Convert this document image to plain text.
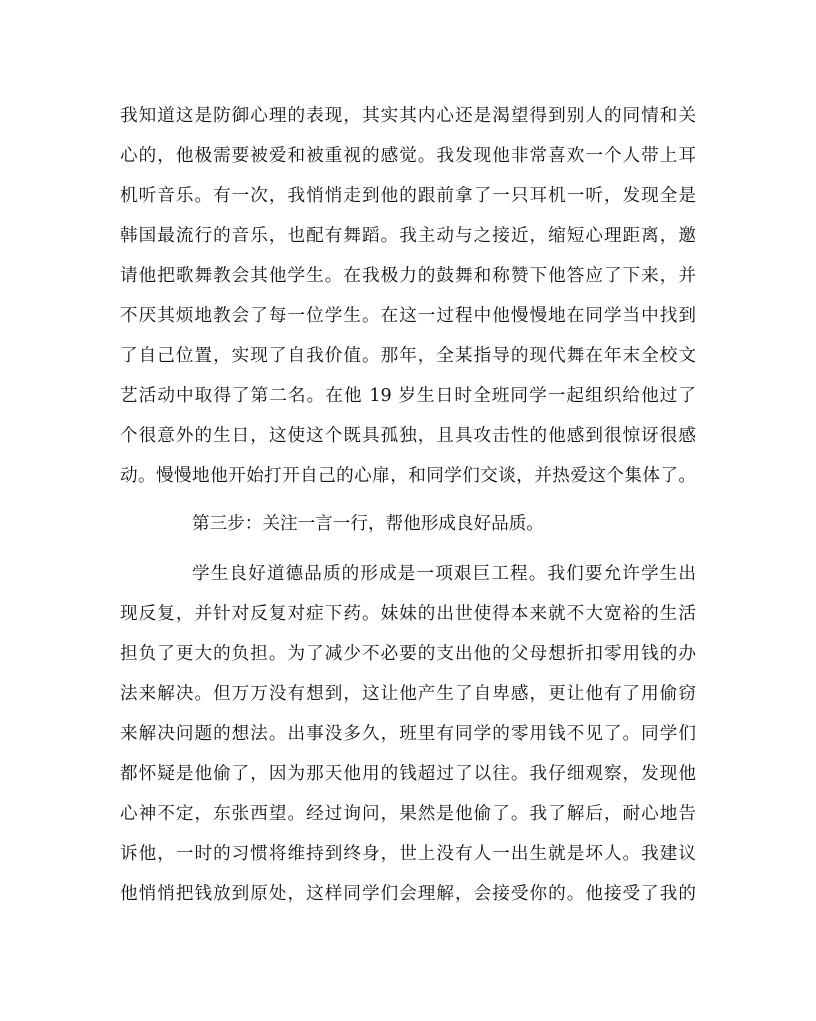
我知道这是防御心理的表现，其实其内心还是渴望得到别人的同情和关
心的，他极需要被爱和被重视的感觉。我发现他非常喜欢一个人带上耳
机听音乐。有一次，我悄悄走到他的跟前拿了一只耳机一听，发现全是
韩国最流行的音乐，也配有舞蹈。我主动与之接近，缩短心理距离，邀
请他把歌舞教会其他学生。在我极力的鼓舞和称赞下他答应了下来，并
不厌其烦地教会了每一位学生。在这一过程中他慢慢地在同学当中找到
了自己位置，实现了自我价值。那年，全某指导的现代舞在年末全校文
艺活动中取得了第二名。在他 19 岁生日时全班同学一起组织给他过了
个很意外的生日，这使这个既具孤独，且具攻击性的他感到很惊讶很感
动。慢慢地他开始打开自己的心扉，和同学们交谈，并热爱这个集体了。
第三步：关注一言一行，帮他形成良好品质。
学生良好道德品质的形成是一项艰巨工程。我们要允许学生出
现反复，并针对反复对症下药。妹妹的出世使得本来就不大宽裕的生活
担负了更大的负担。为了减少不必要的支出他的父母想折扣零用钱的办
法来解决。但万万没有想到，这让他产生了自卑感，更让他有了用偷窃
来解决问题的想法。出事没多久，班里有同学的零用钱不见了。同学们
都怀疑是他偷了，因为那天他用的钱超过了以往。我仔细观察，发现他
心神不定，东张西望。经过询问，果然是他偷了。我了解后，耐心地告
诉他，一时的习惯将维持到终身，世上没有人一出生就是坏人。我建议
他悄悄把钱放到原处，这样同学们会理解，会接受你的。他接受了我的
